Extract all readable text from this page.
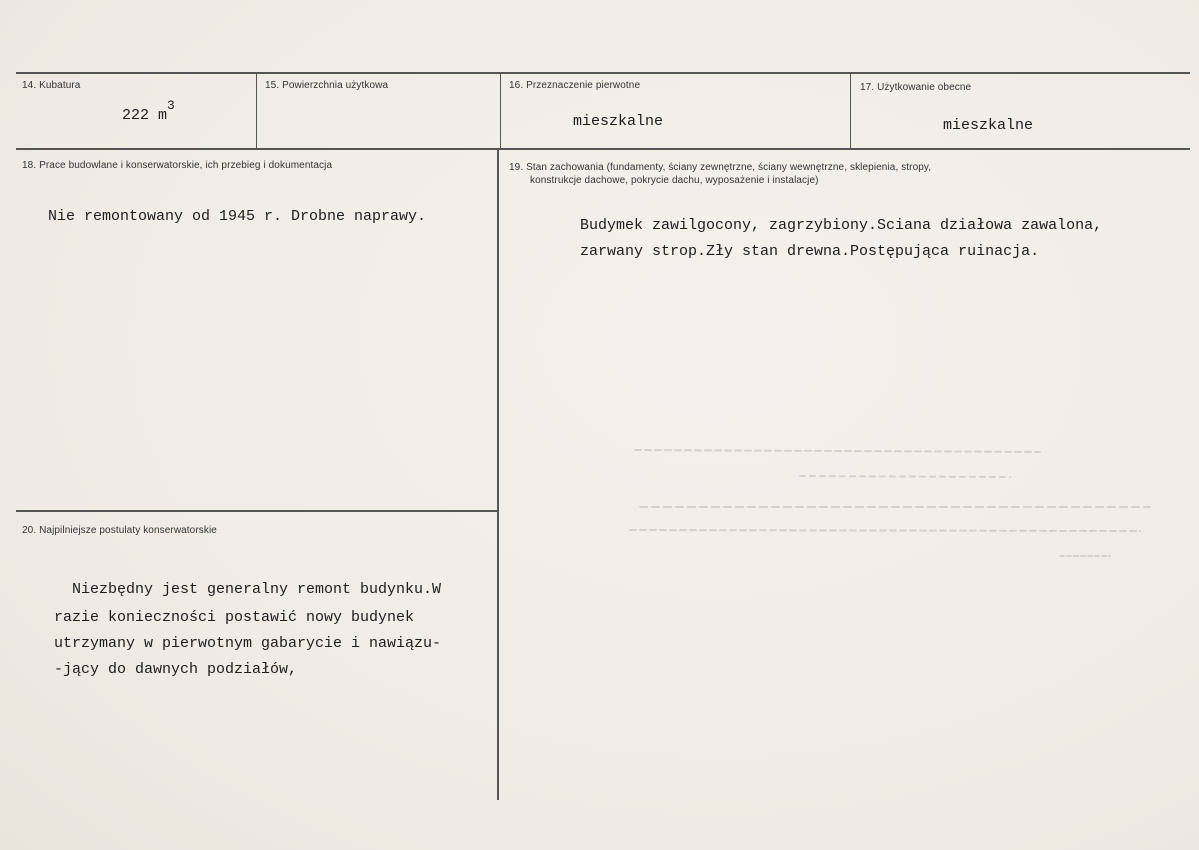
14. Kubatura
222 $m^3$
15. Powierzchnia użytkowa	16. Przeznaczenie pierwotne
mieszkalne
17. Użytkowanie obecne
mieszkalne
18. Prace budowlane i konserwatorskie, ich przebieg i dokumentacja
Nie remontowany od 1945 r. Drobne naprawy.
19. Stan zachowania (fundamenty, ściany zewnętrzne, ściany wewnętrzne, sklepienia, stropy,
konstrukcje dachowe, pokrycie dachu, wyposażenie i instalacje)
Budymek zawilgocony, zagrzybiony.Sciana działowa zawalona,
zarwany strop.Zły stan drewna.Postępująca ruinacja.
20. Najpilniejsze postulaty konserwatorskie
Niezbędny jest generalny remont budynku.W
razie konieczności postawić nowy budynek
utrzymany w pierwotnym gabarycie i nawiązu-
-jący do dawnych podziałów,
